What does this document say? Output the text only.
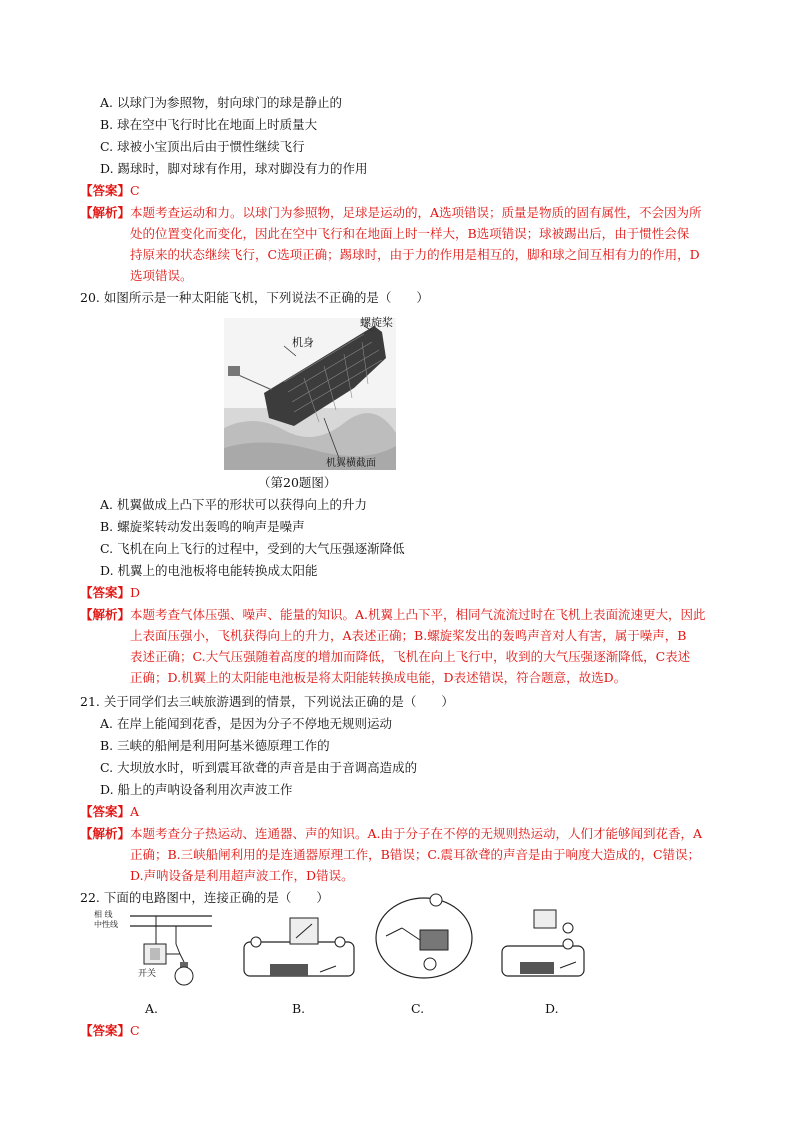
A. 以球门为参照物，射向球门的球是静止的
B. 球在空中飞行时比在地面上时质量大
C. 球被小宝顶出后由于惯性继续飞行
D. 踢球时，脚对球有作用，球对脚没有力的作用
【答案】C
【解析】本题考查运动和力。以球门为参照物，足球是运动的，A选项错误；质量是物质的固有属性，不会因为所
处的位置变化而变化，因此在空中飞行和在地面上时一样大，B选项错误；球被踢出后，由于惯性会保
持原来的状态继续飞行，C选项正确；踢球时，由于力的作用是相互的，脚和球之间互相有力的作用，D
选项错误。
20. 如图所示是一种太阳能飞机，下列说法不正确的是（　　）
螺旋桨
机身
机翼横截面
（第20题图）
A. 机翼做成上凸下平的形状可以获得向上的升力
B. 螺旋桨转动发出轰鸣的响声是噪声
C. 飞机在向上飞行的过程中，受到的大气压强逐渐降低
D. 机翼上的电池板将电能转换成太阳能
【答案】D
【解析】本题考查气体压强、噪声、能量的知识。A.机翼上凸下平，相同气流流过时在飞机上表面流速更大，因此
上表面压强小，飞机获得向上的升力，A表述正确；B.螺旋桨发出的轰鸣声音对人有害，属于噪声，B
表述正确；C.大气压强随着高度的增加而降低，飞机在向上飞行中，收到的大气压强逐渐降低，C表述
正确；D.机翼上的太阳能电池板是将太阳能转换成电能，D表述错误，符合题意，故选D。
21. 关于同学们去三峡旅游遇到的情景，下列说法正确的是（　　）
A. 在岸上能闻到花香，是因为分子不停地无规则运动
B. 三峡的船闸是利用阿基米德原理工作的
C. 大坝放水时，听到震耳欲聋的声音是由于音调高造成的
D. 船上的声呐设备利用次声波工作
【答案】A
【解析】本题考查分子热运动、连通器、声的知识。A.由于分子在不停的无规则热运动，人们才能够闻到花香，A
正确；B.三峡船闸利用的是连通器原理工作，B错误；C.震耳欲聋的声音是由于响度大造成的，C错误；
D.声呐设备是利用超声波工作，D错误。
22. 下面的电路图中，连接正确的是（　　）
相 线
中性线
开关
A.	B.	C.	D.
【答案】C
